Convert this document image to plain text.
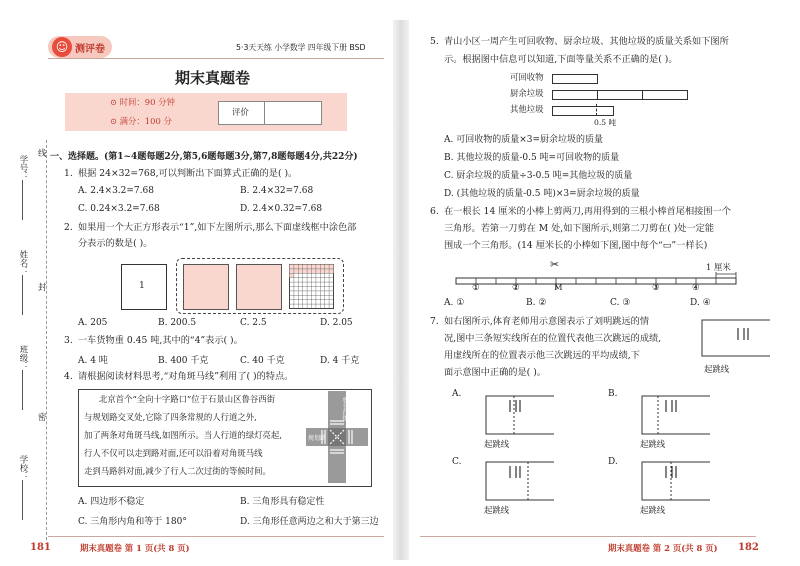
☺ 测评卷	5·3天天练 小学数学 四年级下册 BSD
期末真题卷
⊙ 时间：90 分钟
⊙ 满分：100 分
评价
学号：
线
姓名：
封
班级：
密
学校：
一、选择题。(第1~4题每题2分,第5,6题每题3分,第7,8题每题4分,共22分)
1. 根据 24×32=768,可以判断出下面算式正确的是( )。
A. 2.4×3.2=7.68	B. 2.4×32=7.68
C. 0.24×3.2=7.68	D. 2.4×0.32=7.68
2. 如果用一个大正方形表示“1”,如下左图所示,那么下面虚线框中涂色部
分表示的数是( )。
1
A. 205	B. 200.5	C. 2.5	D. 2.05
3. 一车货物重 0.45 吨,其中的“4”表示( )。
A. 4 吨	B. 400 千克	C. 40 千克	D. 4 千克
4. 请根据阅读材料思考,“对角斑马线”利用了( )的特点。
北京首个“全向十字路口”位于石景山区鲁谷西街
与规划路交叉处,它除了四条常规的人行道之外,
加了两条对角斑马线,如图所示。当人行道的绿灯亮起,
行人不仅可以走到路对面,还可以沿着对角斑马线
走到马路斜对面,减少了行人二次过街的等候时间。
鲁谷西街
规划路
A. 四边形不稳定	B. 三角形具有稳定性
C. 三角形内角和等于 180°	D. 三角形任意两边之和大于第三边
181	期末真题卷 第 1 页(共 8 页)
5. 青山小区一周产生可回收物、厨余垃圾、其他垃圾的质量关系如下图所
示。根据图中信息可以知道,下面等量关系不正确的是( )。
可回收物
厨余垃圾
其他垃圾
0.5 吨
A. 可回收物的质量×3=厨余垃圾的质量
B. 其他垃圾的质量-0.5 吨=可回收物的质量
C. 厨余垃圾的质量÷3-0.5 吨=其他垃圾的质量
D. (其他垃圾的质量-0.5 吨)×3=厨余垃圾的质量
6. 在一根长 14 厘米的小棒上剪两刀,再用得到的三根小棒首尾相接围一个
三角形。若第一刀剪在 M 处,如下图所示,则第二刀剪在( )处一定能
围成一个三角形。(14 厘米长的小棒如下图,图中每个“▭”一样长)
1 厘米
✂
①	②	M	③	④
A. ①	B. ②	C. ③	D. ④
7. 如右图所示,体育老师用示意图表示了刘明跳远的情
况,图中三条短实线所在的位置代表他三次跳远的成绩,
用虚线所在的位置表示他三次跳远的平均成绩,下
面示意图中正确的是( )。	起跳线
A.
起跳线
B.
起跳线
C.
起跳线
D.
起跳线
期末真题卷 第 2 页(共 8 页) 182
